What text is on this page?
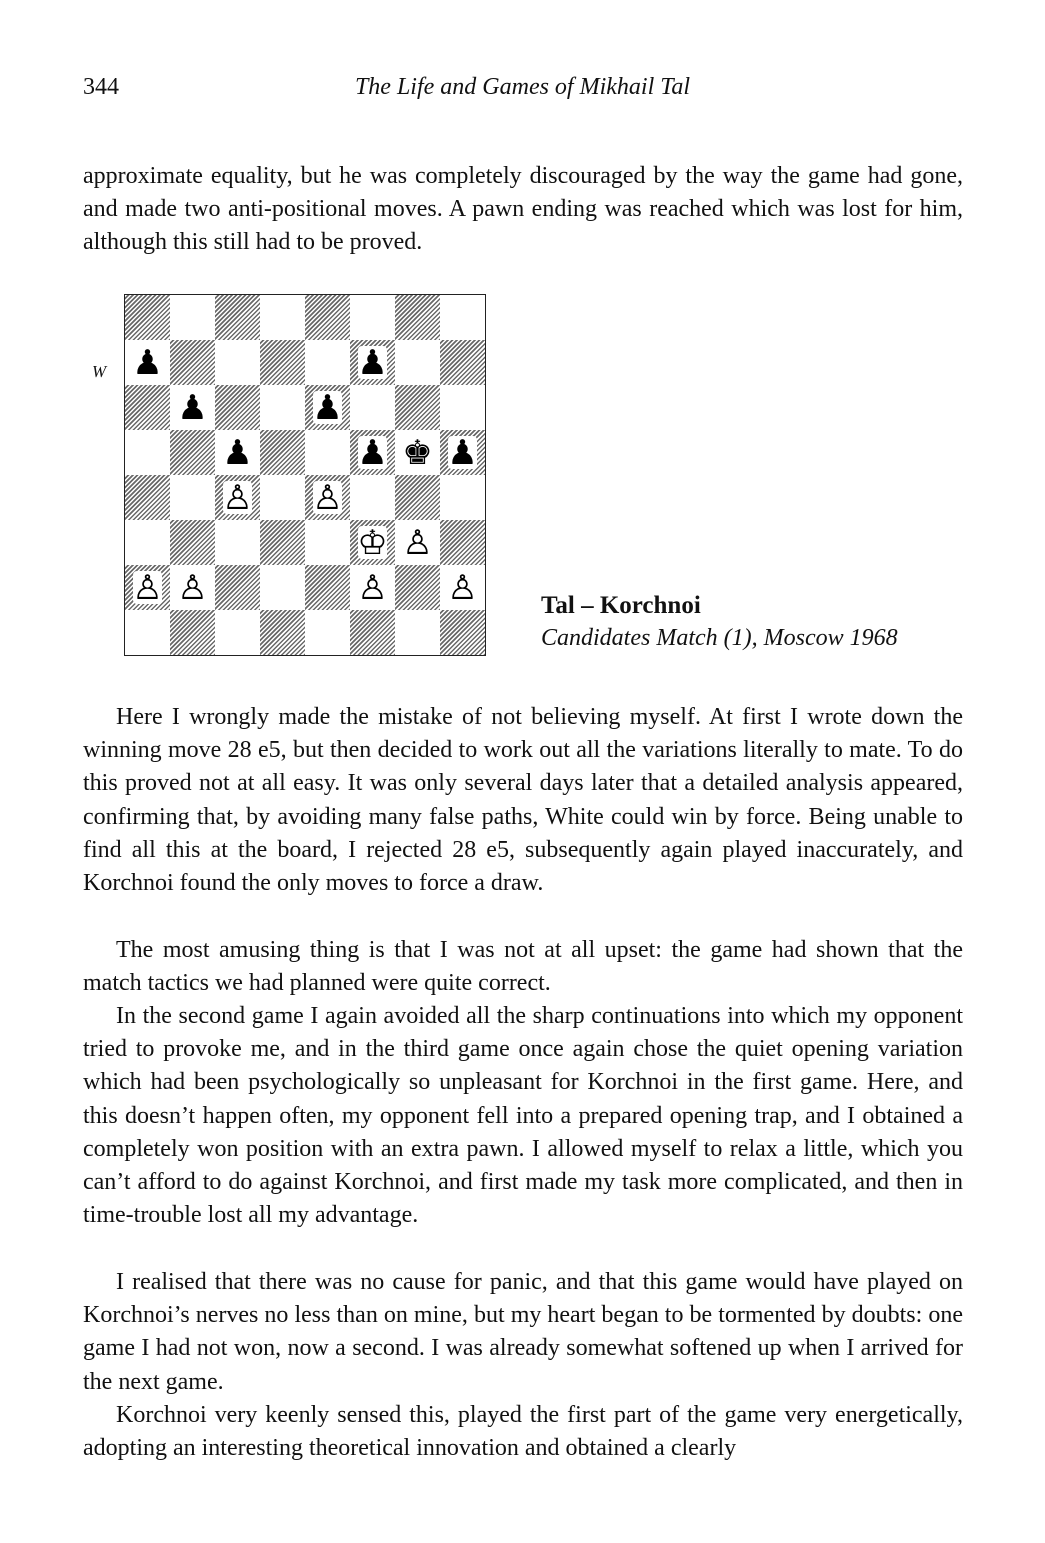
344	The Life and Games of Mikhail Tal

approximate equality, but he was completely discouraged by the way the game had gone, and made two anti-positional moves. A pawn ending was reached which was lost for him, although this still had to be proved.

W ♟	♟
♟	♟
♟	♟ ♚ ♟
♙ ♙
♔ ♙
♙ ♙	♙ ♙	Tal – Korchnoi
Candidates Match (1), Moscow 1968

Here I wrongly made the mistake of not believing myself. At first I wrote down the winning move 28 e5, but then decided to work out all the variations literally to mate. To do this proved not at all easy. It was only several days later that a detailed analysis appeared, confirming that, by avoiding many false paths, White could win by force. Being unable to find all this at the board, I rejected 28 e5, subsequently again played inaccurately, and Korchnoi found the only moves to force a draw.

The most amusing thing is that I was not at all upset: the game had shown that the match tactics we had planned were quite correct.

In the second game I again avoided all the sharp continuations into which my opponent tried to provoke me, and in the third game once again chose the quiet opening variation which had been psychologically so unpleasant for Korchnoi in the first game. Here, and this doesn’t happen often, my opponent fell into a prepared opening trap, and I obtained a completely won position with an extra pawn. I allowed myself to relax a little, which you can’t afford to do against Korchnoi, and first made my task more complicated, and then in time-trouble lost all my advantage.

I realised that there was no cause for panic, and that this game would have played on Korchnoi’s nerves no less than on mine, but my heart began to be tormented by doubts: one game I had not won, now a second. I was already somewhat softened up when I arrived for the next game.

Korchnoi very keenly sensed this, played the first part of the game very energetically, adopting an interesting theoretical innovation and obtained a clearly
